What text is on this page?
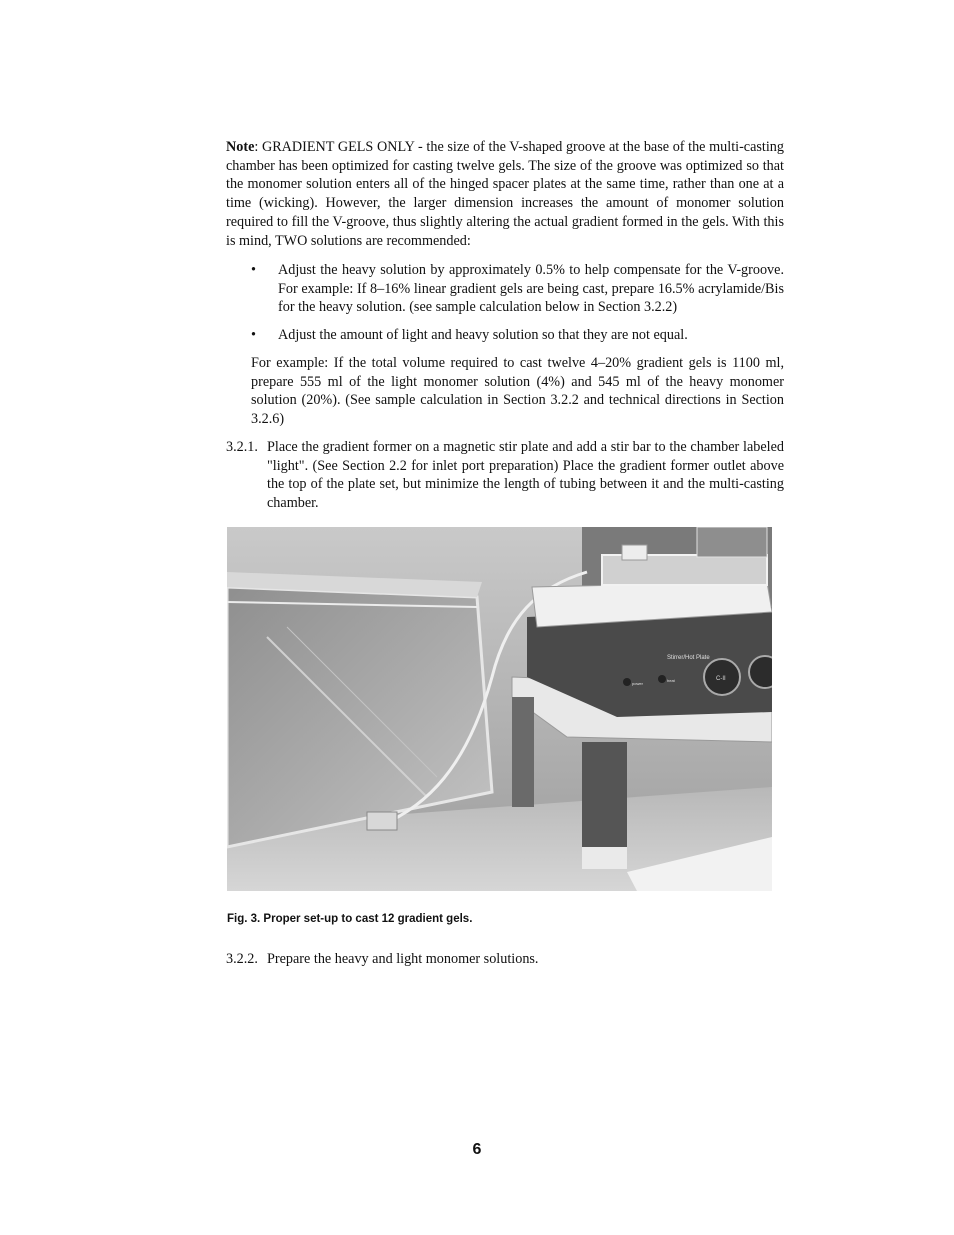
Note: GRADIENT GELS ONLY - the size of the V-shaped groove at the base of the multi-casting chamber has been optimized for casting twelve gels. The size of the groove was optimized so that the monomer solution enters all of the hinged spacer plates at the same time, rather than one at a time (wicking). However, the larger dimension increases the amount of monomer solution required to fill the V-groove, thus slightly altering the actual gradient formed in the gels. With this is mind, TWO solutions are recommended:

•	Adjust the heavy solution by approximately 0.5% to help compensate for the V-groove. For example: If 8–16% linear gradient gels are being cast, prepare 16.5% acrylamide/Bis for the heavy solution. (see sample calculation below in Section 3.2.2)
•	Adjust the amount of light and heavy solution so that they are not equal.

For example: If the total volume required to cast twelve 4–20% gradient gels is 1100 ml, prepare 555 ml of the light monomer solution (4%) and 545 ml of the heavy monomer solution (20%). (See sample calculation in Section 3.2.2 and technical directions in Section 3.2.6)

3.2.1. Place the gradient former on a magnetic stir plate and add a stir bar to the chamber labeled "light". (See Section 2.2 for inlet port preparation) Place the gradient former outlet above the top of the plate set, but minimize the length of tubing between it and the multi-casting chamber.
Stirrer/Hot Plate
power
heat	C-II
Fig. 3. Proper set-up to cast 12 gradient gels.
3.2.2. Prepare the heavy and light monomer solutions.
6
